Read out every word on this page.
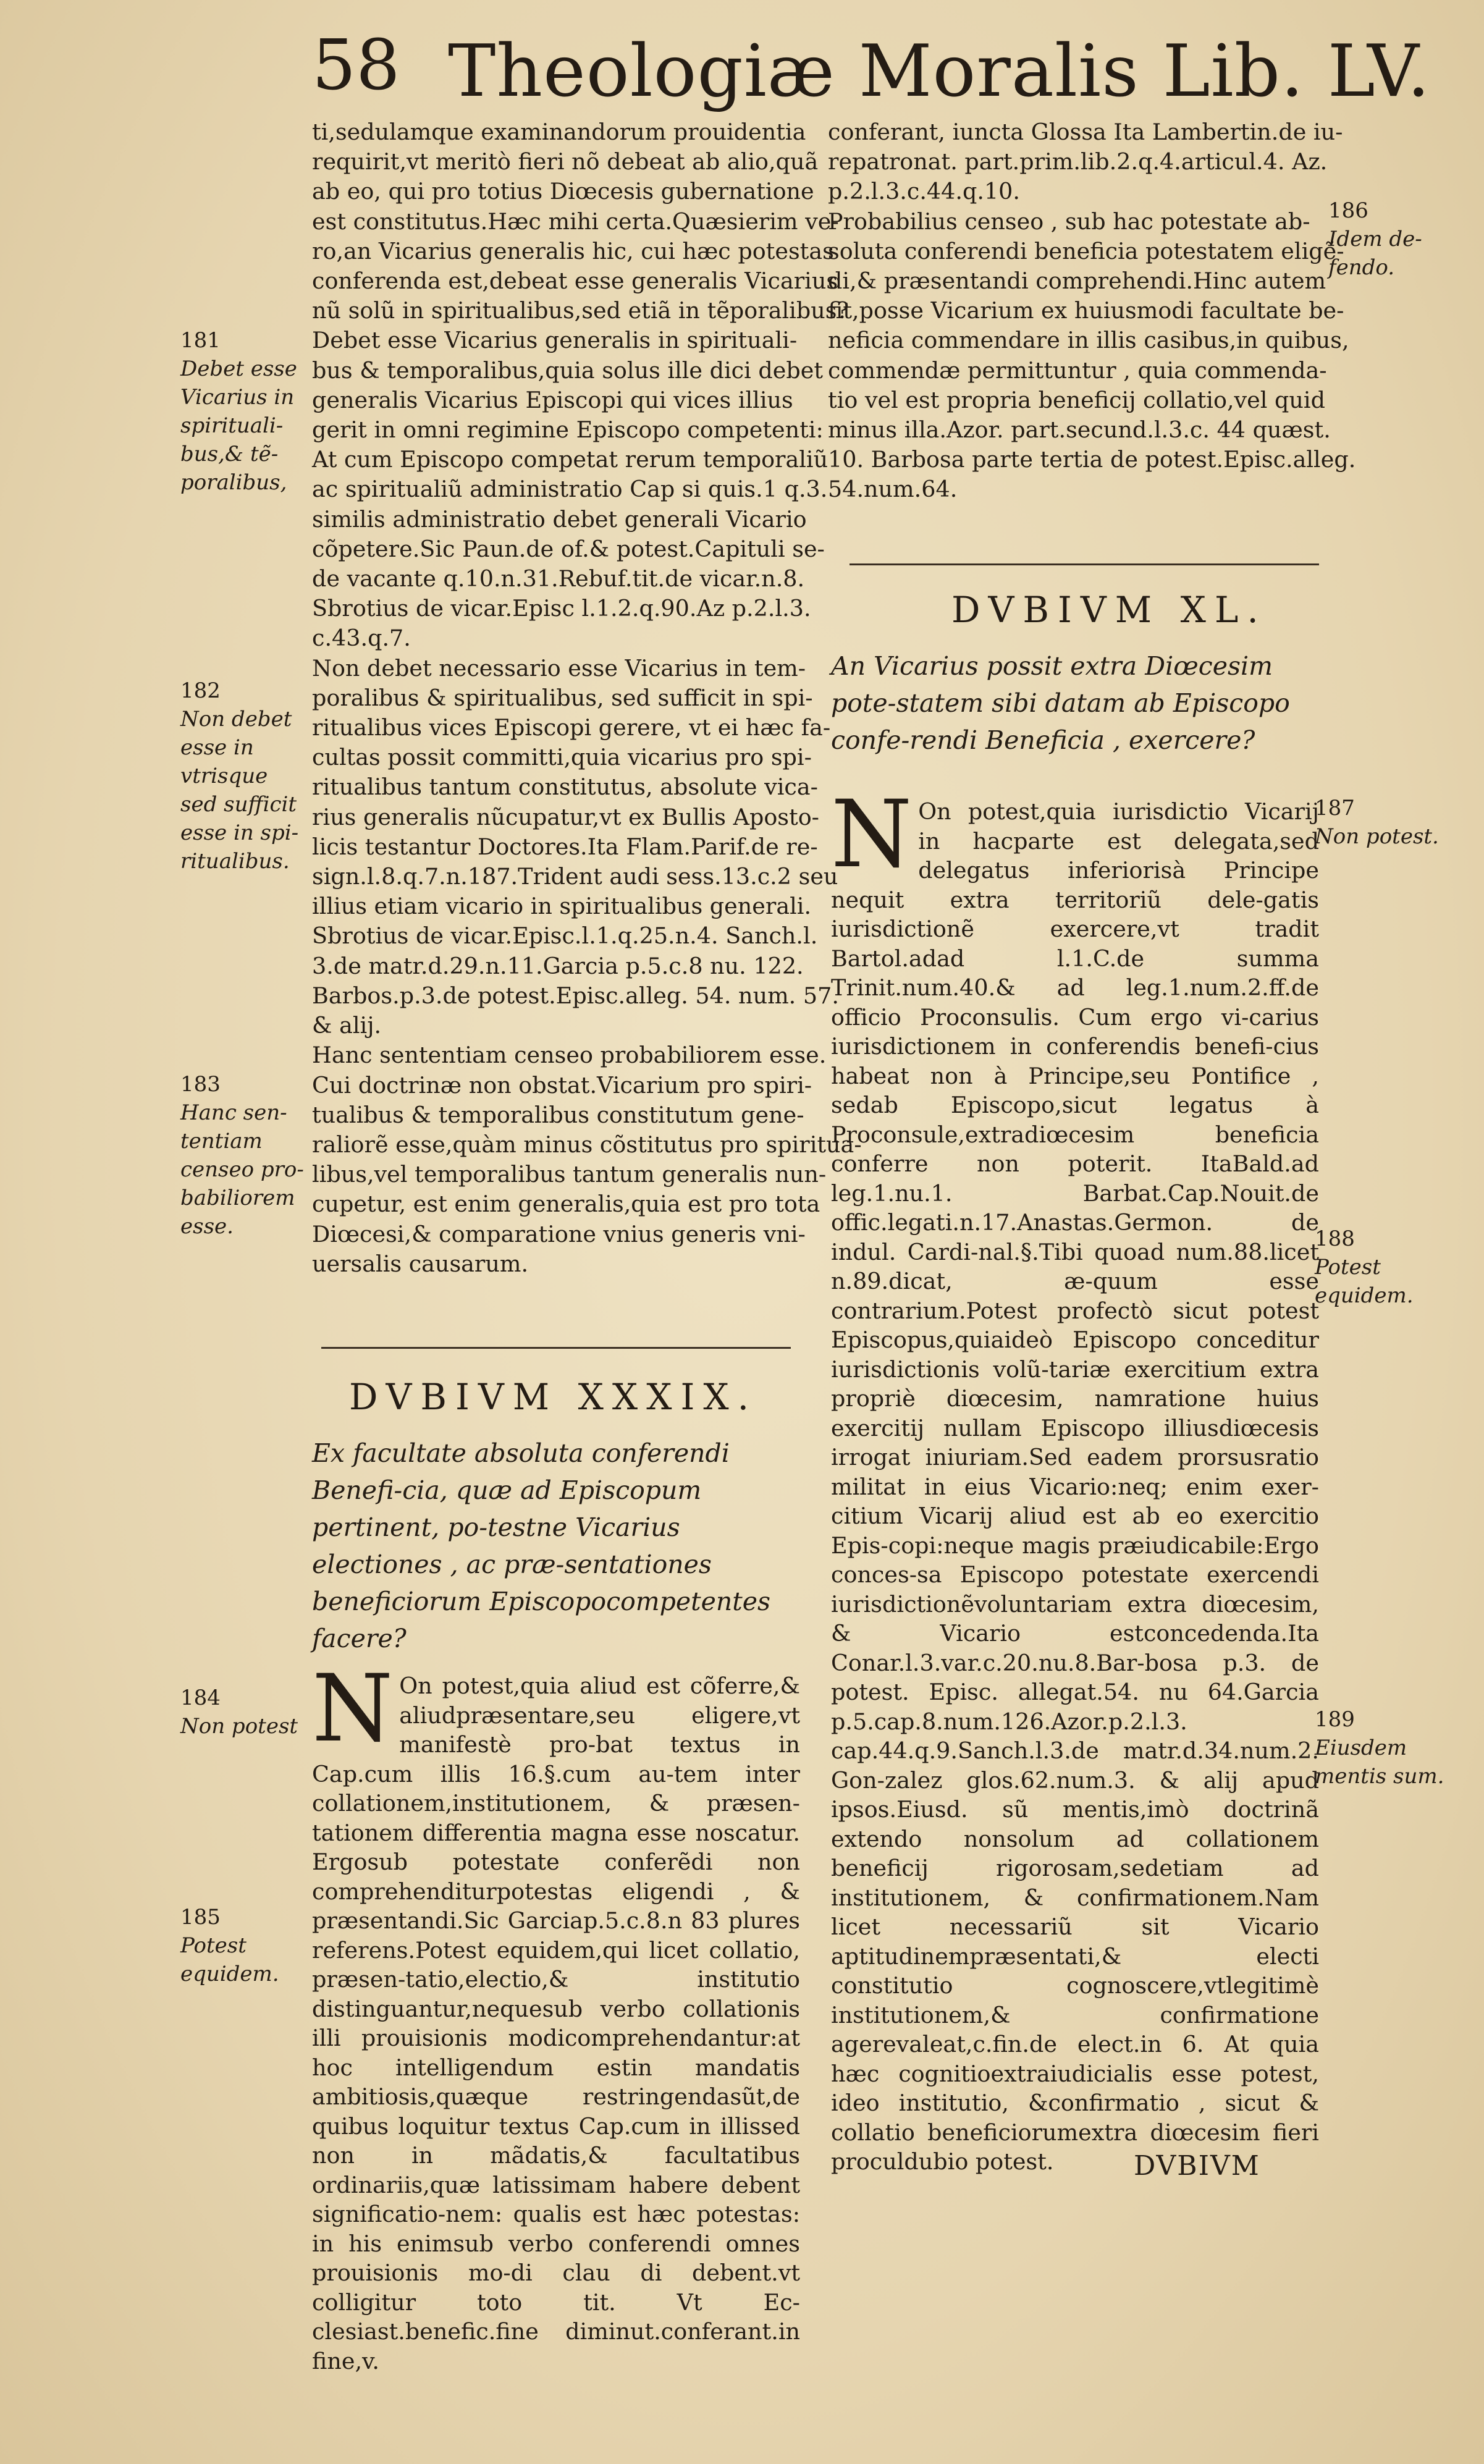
58 Theologiæ Moralis Lib. LV.
ti,sedulamque examinandorum prouidentia
requirit,vt meritò fieri nõ debeat ab alio,quã
ab eo, qui pro totius Diœcesis gubernatione
est constitutus.Hæc mihi certa.Quæsierim ve-
ro,an Vicarius generalis hic, cui hæc potestas
conferenda est,debeat esse generalis Vicarius
nũ solũ in spiritualibus,sed etiã in tẽporalibus?
Debet esse Vicarius generalis in spirituali-
bus & temporalibus,quia solus ille dici debet
generalis Vicarius Episcopi qui vices illius
gerit in omni regimine Episcopo competenti:
At cum Episcopo competat rerum temporaliũ
ac spiritualiũ administratio Cap si quis.1 q.3.
similis administratio debet generali Vicario
cõpetere.Sic Paun.de of.& potest.Capituli se-
de vacante q.10.n.31.Rebuf.tit.de vicar.n.8.
Sbrotius de vicar.Episc l.1.2.q.90.Az p.2.l.3.
c.43.q.7.
Non debet necessario esse Vicarius in tem-
poralibus & spiritualibus, sed sufficit in spi-
ritualibus vices Episcopi gerere, vt ei hæc fa-
cultas possit committi,quia vicarius pro spi-
ritualibus tantum constitutus, absolute vica-
rius generalis nũcupatur,vt ex Bullis Aposto-
licis testantur Doctores.Ita Flam.Parif.de re-
sign.l.8.q.7.n.187.Trident audi sess.13.c.2 seu
illius etiam vicario in spiritualibus generali.
Sbrotius de vicar.Episc.l.1.q.25.n.4. Sanch.l.
3.de matr.d.29.n.11.Garcia p.5.c.8 nu. 122.
Barbos.p.3.de potest.Episc.alleg. 54. num. 57.
& alij.
Hanc sententiam censeo probabiliorem esse.
Cui doctrinæ non obstat.Vicarium pro spiri-
tualibus & temporalibus constitutum gene-
raliorẽ esse,quàm minus cõstitutus pro spiritua-
libus,vel temporalibus tantum generalis nun-
cupetur, est enim generalis,quia est pro tota
Diœcesi,& comparatione vnius generis vni-
uersalis causarum.
181
Debet esse
Vicarius in
spirituali-
bus,& tẽ-
poralibus,
182
Non debet
esse in
vtrisque
sed sufficit
esse in spi-
ritualibus.
183
Hanc sen-
tentiam
censeo pro-
babiliorem
esse.
184
Non potest
185
Potest
equidem.
DVBIVM XXXIX.
Ex facultate absoluta conferendi Benefi-cia, quæ ad Episcopum pertinent, po-testne Vicarius electiones , ac præ-sentationes beneficiorum Episcopocompetentes facere?
N On potest,quia aliud est cõferre,& aliudpræsentare,seu eligere,vt manifestè pro-bat textus in Cap.cum illis 16.§.cum au-tem inter collationem,institutionem, & præsen-tationem differentia magna esse noscatur. Ergosub potestate conferẽdi non comprehenditurpotestas eligendi , & præsentandi.Sic Garciap.5.c.8.n 83 plures referens.Potest equidem,qui licet collatio, præsen-tatio,electio,& institutio distinguantur,nequesub verbo collationis illi prouisionis modicomprehendantur:at hoc intelligendum estin mandatis ambitiosis,quæque restringendasũt,de quibus loquitur textus Cap.cum in illissed non in mãdatis,& facultatibus ordinariis,quæ latissimam habere debent significatio-nem: qualis est hæc potestas: in his enimsub verbo conferendi omnes prouisionis mo-di clau di debent.vt colligitur toto tit. Vt Ec-clesiast.benefic.fine diminut.conferant.in fine,v.
conferant, iuncta Glossa Ita Lambertin.de iu-
repatronat. part.prim.lib.2.q.4.articul.4. Az.
p.2.l.3.c.44.q.10.
Probabilius censeo , sub hac potestate ab-
soluta conferendi beneficia potestatem eligẽ-
di,& præsentandi comprehendi.Hinc autem
fit,posse Vicarium ex huiusmodi facultate be-
neficia commendare in illis casibus,in quibus,
commendæ permittuntur , quia commenda-
tio vel est propria beneficij collatio,vel quid
minus illa.Azor. part.secund.l.3.c. 44 quæst.
10. Barbosa parte tertia de potest.Episc.alleg.
54.num.64.
186
Idem de-
fendo.
187
Non potest.
188
Potest
equidem.
189
Eiusdem
mentis sum.
DVBIVM XL.
An Vicarius possit extra Diœcesim pote-statem sibi datam ab Episcopo confe-rendi Beneficia , exercere?
N On potest,quia iurisdictio Vicarij in hacparte est delegata,sed delegatus inferiorisà Principe nequit extra territoriũ dele-gatis iurisdictionẽ exercere,vt tradit Bartol.adad l.1.C.de summa Trinit.num.40.& ad leg.1.num.2.ff.de officio Proconsulis. Cum ergo vi-carius iurisdictionem in conferendis benefi-cius habeat non à Principe,seu Pontifice , sedab Episcopo,sicut legatus à Proconsule,extradiœcesim beneficia conferre non poterit. ItaBald.ad leg.1.nu.1. Barbat.Cap.Nouit.de offic.legati.n.17.Anastas.Germon. de indul. Cardi-nal.§.Tibi quoad num.88.licet n.89.dicat, æ-quum esse contrarium.Potest profectò sicut potest Episcopus,quiaideò Episcopo conceditur iurisdictionis volũ-tariæ exercitium extra propriè diœcesim, namratione huius exercitij nullam Episcopo illiusdiœcesis irrogat iniuriam.Sed eadem prorsusratio militat in eius Vicario:neq; enim exer-citium Vicarij aliud est ab eo exercitio Epis-copi:neque magis præiudicabile:Ergo conces-sa Episcopo potestate exercendi iurisdictionẽvoluntariam extra diœcesim, & Vicario estconcedenda.Ita Conar.l.3.var.c.20.nu.8.Bar-bosa p.3. de potest. Episc. allegat.54. nu 64.Garcia p.5.cap.8.num.126.Azor.p.2.l.3. cap.44.q.9.Sanch.l.3.de matr.d.34.num.2. Gon-zalez glos.62.num.3. & alij apud ipsos.Eiusd. sũ mentis,imò doctrinã extendo nonsolum ad collationem beneficij rigorosam,sedetiam ad institutionem, & confirmationem.Nam licet necessariũ sit Vicario aptitudinempræsentati,& electi constitutio cognoscere,vtlegitimè institutionem,& confirmatione agerevaleat,c.fin.de elect.in 6. At quia hæc cognitioextraiudicialis esse potest, ideo institutio, &confirmatio , sicut & collatio beneficiorumextra diœcesim fieri proculdubio potest.	DVBIVM
